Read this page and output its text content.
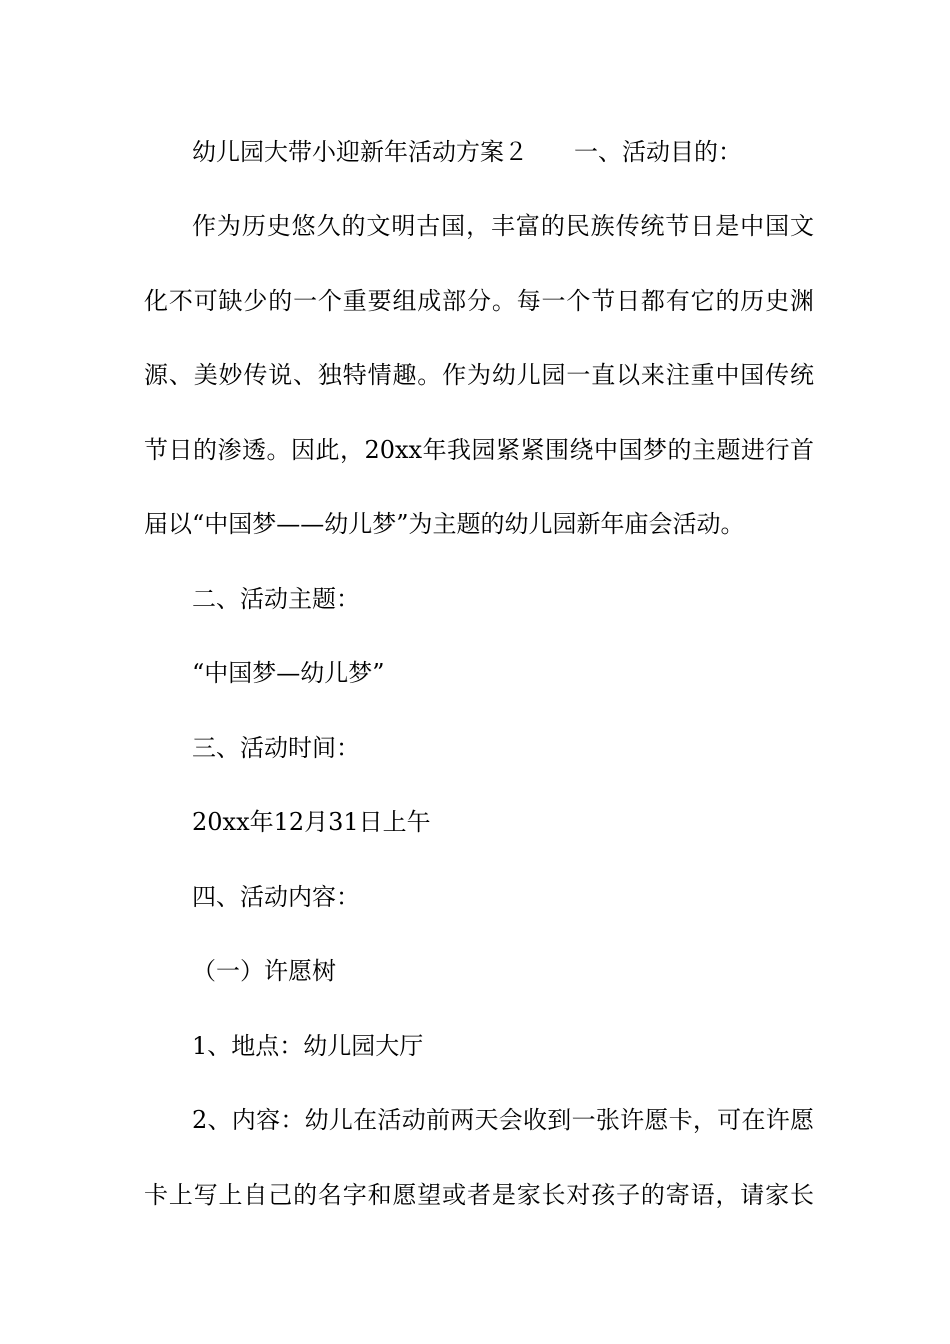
幼儿园大带小迎新年活动方案２ 一、活动目的：
作为历史悠久的文明古国，丰富的民族传统节日是中国文
化不可缺少的一个重要组成部分。每一个节日都有它的历史渊
源、美妙传说、独特情趣。作为幼儿园一直以来注重中国传统
节日的渗透。因此，20xx年我园紧紧围绕中国梦的主题进行首
届以“中国梦——幼儿梦”为主题的幼儿园新年庙会活动。
二、活动主题：
“中国梦—幼儿梦”
三、活动时间：
20xx年12月31日上午
四、活动内容：
（一）许愿树
1、地点：幼儿园大厅
2、内容：幼儿在活动前两天会收到一张许愿卡，可在许愿
卡上写上自己的名字和愿望或者是家长对孩子的寄语，请家长
